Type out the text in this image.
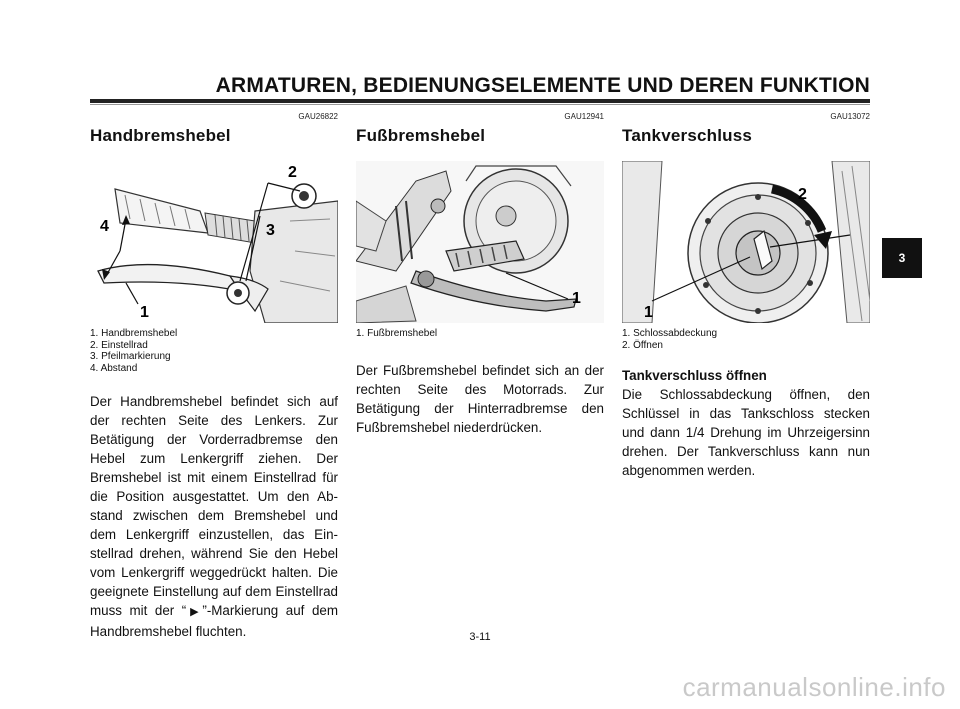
ARMATUREN, BEDIENUNGSELEMENTE UND DEREN FUNKTION
GAU26822
Handbremshebel
2
3
4
1
1. Handbremshebel
2. Einstellrad
3. Pfeilmarkierung
4. Abstand
Der Handbremshebel befindet sich auf der rechten Seite des Lenkers. Zur Betätigung der Vorderradbremse den Hebel zum Lenkergriff ziehen. Der Bremshebel ist mit einem Einstellrad für die Position ausgestattet. Um den Abstand zwischen dem Bremshebel und dem Lenkergriff einzustellen, das Einstellrad drehen, während Sie den Hebel vom Lenkergriff weggedrückt halten. Die geeignete Einstellung auf dem Einstellrad muss mit der “▶”-Markierung auf dem Handbremshebel fluchten.
GAU12941
Fußbremshebel
1
1. Fußbremshebel
Der Fußbremshebel befindet sich an der rechten Seite des Motorrads. Zur Betätigung der Hinterradbremse den Fußbremshebel niederdrücken.
GAU13072
Tankverschluss
1
2
1. Schlossabdeckung
2. Öffnen
Tankverschluss öffnen
Die Schlossabdeckung öffnen, den Schlüssel in das Tankschloss stecken und dann 1/4 Drehung im Uhrzeigersinn drehen. Der Tankverschluss kann nun abgenommen werden.
3
3-11
carmanualsonline.info
